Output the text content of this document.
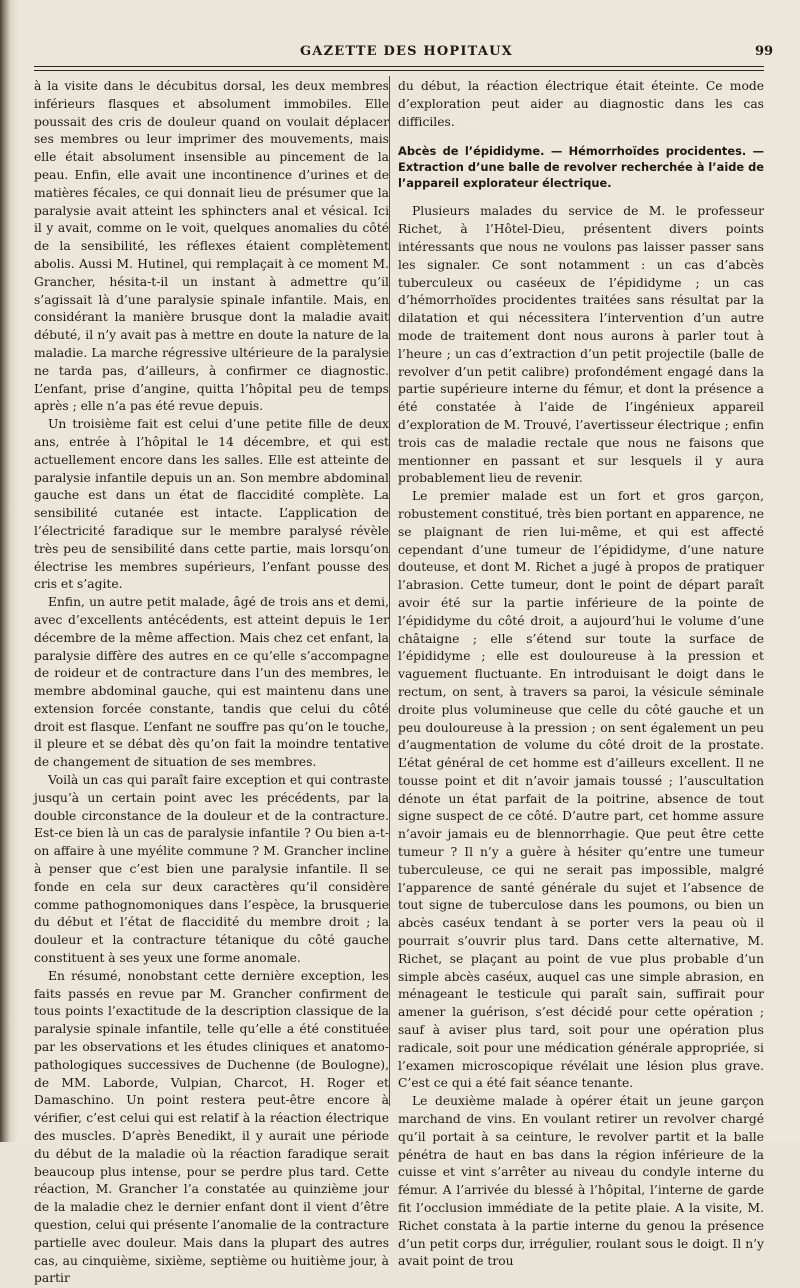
GAZETTE DES HOPITAUX	99

à la visite dans le décubitus dorsal, les deux membres inférieurs flasques et absolument immobiles. Elle poussait des cris de douleur quand on voulait déplacer ses membres ou leur imprimer des mouvements, mais elle était absolument insensible au pincement de la peau. Enfin, elle avait une incontinence d’urines et de matières fécales, ce qui donnait lieu de présumer que la paralysie avait atteint les sphincters anal et vésical. Ici il y avait, comme on le voit, quelques anomalies du côté de la sensibilité, les réflexes étaient complètement abolis. Aussi M. Hutinel, qui remplaçait à ce moment M. Grancher, hésita-t-il un instant à admettre qu’il s’agissait là d’une paralysie spinale infantile. Mais, en considérant la manière brusque dont la maladie avait débuté, il n’y avait pas à mettre en doute la nature de la maladie. La marche régressive ultérieure de la paralysie ne tarda pas, d’ailleurs, à confirmer ce diagnostic. L’enfant, prise d’angine, quitta l’hôpital peu de temps après ; elle n’a pas été revue depuis.

Un troisième fait est celui d’une petite fille de deux ans, entrée à l’hôpital le 14 décembre, et qui est actuellement encore dans les salles. Elle est atteinte de paralysie infantile depuis un an. Son membre abdominal gauche est dans un état de flaccidité complète. La sensibilité cutanée est intacte. L’application de l’électricité faradique sur le membre paralysé révèle très peu de sensibilité dans cette partie, mais lorsqu’on électrise les membres supérieurs, l’enfant pousse des cris et s’agite.

Enfin, un autre petit malade, âgé de trois ans et demi, avec d’excellents antécédents, est atteint depuis le 1er décembre de la même affection. Mais chez cet enfant, la paralysie diffère des autres en ce qu’elle s’accompagne de roideur et de contracture dans l’un des membres, le membre abdominal gauche, qui est maintenu dans une extension forcée constante, tandis que celui du côté droit est flasque. L’enfant ne souffre pas qu’on le touche, il pleure et se débat dès qu’on fait la moindre tentative de changement de situation de ses membres.

Voilà un cas qui paraît faire exception et qui contraste jusqu’à un certain point avec les précédents, par la double circonstance de la douleur et de la contracture. Est-ce bien là un cas de paralysie infantile ? Ou bien a-t-on affaire à une myélite commune ? M. Grancher incline à penser que c’est bien une paralysie infantile. Il se fonde en cela sur deux caractères qu’il considère comme pathognomoniques dans l’espèce, la brusquerie du début et l’état de flaccidité du membre droit ; la douleur et la contracture tétanique du côté gauche constituent à ses yeux une forme anomale.

En résumé, nonobstant cette dernière exception, les faits passés en revue par M. Grancher confirment de tous points l’exactitude de la description classique de la paralysie spinale infantile, telle qu’elle a été constituée par les observations et les études cliniques et anatomo-pathologiques successives de Duchenne (de Boulogne), de MM. Laborde, Vulpian, Charcot, H. Roger et Damaschino. Un point restera peut-être encore à vérifier, c’est celui qui est relatif à la réaction électrique des muscles. D’après Benedikt, il y aurait une période du début de la maladie où la réaction faradique serait beaucoup plus intense, pour se perdre plus tard. Cette réaction, M. Grancher l’a constatée au quinzième jour de la maladie chez le dernier enfant dont il vient d’être question, celui qui présente l’anomalie de la contracture partielle avec douleur. Mais dans la plupart des autres cas, au cinquième, sixième, septième ou huitième jour, à partir

du début, la réaction électrique était éteinte. Ce mode d’exploration peut aider au diagnostic dans les cas difficiles.

Abcès de l’épididyme. — Hémorrhoïdes procidentes. — Extraction d’une balle de revolver recherchée à l’aide de l’appareil explorateur électrique.

Plusieurs malades du service de M. le professeur Richet, à l’Hôtel-Dieu, présentent divers points intéressants que nous ne voulons pas laisser passer sans les signaler. Ce sont notamment : un cas d’abcès tuberculeux ou caséeux de l’épididyme ; un cas d’hémorrhoïdes procidentes traitées sans résultat par la dilatation et qui nécessitera l’intervention d’un autre mode de traitement dont nous aurons à parler tout à l’heure ; un cas d’extraction d’un petit projectile (balle de revolver d’un petit calibre) profondément engagé dans la partie supérieure interne du fémur, et dont la présence a été constatée à l’aide de l’ingénieux appareil d’exploration de M. Trouvé, l’avertisseur électrique ; enfin trois cas de maladie rectale que nous ne faisons que mentionner en passant et sur lesquels il y aura probablement lieu de revenir.

Le premier malade est un fort et gros garçon, robustement constitué, très bien portant en apparence, ne se plaignant de rien lui-même, et qui est affecté cependant d’une tumeur de l’épididyme, d’une nature douteuse, et dont M. Richet a jugé à propos de pratiquer l’abrasion. Cette tumeur, dont le point de départ paraît avoir été sur la partie inférieure de la pointe de l’épididyme du côté droit, a aujourd’hui le volume d’une châtaigne ; elle s’étend sur toute la surface de l’épididyme ; elle est douloureuse à la pression et vaguement fluctuante. En introduisant le doigt dans le rectum, on sent, à travers sa paroi, la vésicule séminale droite plus volumineuse que celle du côté gauche et un peu douloureuse à la pression ; on sent également un peu d’augmentation de volume du côté droit de la prostate. L’état général de cet homme est d’ailleurs excellent. Il ne tousse point et dit n’avoir jamais toussé ; l’auscultation dénote un état parfait de la poitrine, absence de tout signe suspect de ce côté. D’autre part, cet homme assure n’avoir jamais eu de blennorrhagie. Que peut être cette tumeur ? Il n’y a guère à hésiter qu’entre une tumeur tuberculeuse, ce qui ne serait pas impossible, malgré l’apparence de santé générale du sujet et l’absence de tout signe de tuberculose dans les poumons, ou bien un abcès caséux tendant à se porter vers la peau où il pourrait s’ouvrir plus tard. Dans cette alternative, M. Richet, se plaçant au point de vue plus probable d’un simple abcès caséux, auquel cas une simple abrasion, en ménageant le testicule qui paraît sain, suffirait pour amener la guérison, s’est décidé pour cette opération ; sauf à aviser plus tard, soit pour une opération plus radicale, soit pour une médication générale appropriée, si l’examen microscopique révélait une lésion plus grave. C’est ce qui a été fait séance tenante.

Le deuxième malade à opérer était un jeune garçon marchand de vins. En voulant retirer un revolver chargé qu’il portait à sa ceinture, le revolver partit et la balle pénétra de haut en bas dans la région inférieure de la cuisse et vint s’arrêter au niveau du condyle interne du fémur. A l’arrivée du blessé à l’hôpital, l’interne de garde fit l’occlusion immédiate de la petite plaie. A la visite, M. Richet constata à la partie interne du genou la présence d’un petit corps dur, irrégulier, roulant sous le doigt. Il n’y avait point de trou
